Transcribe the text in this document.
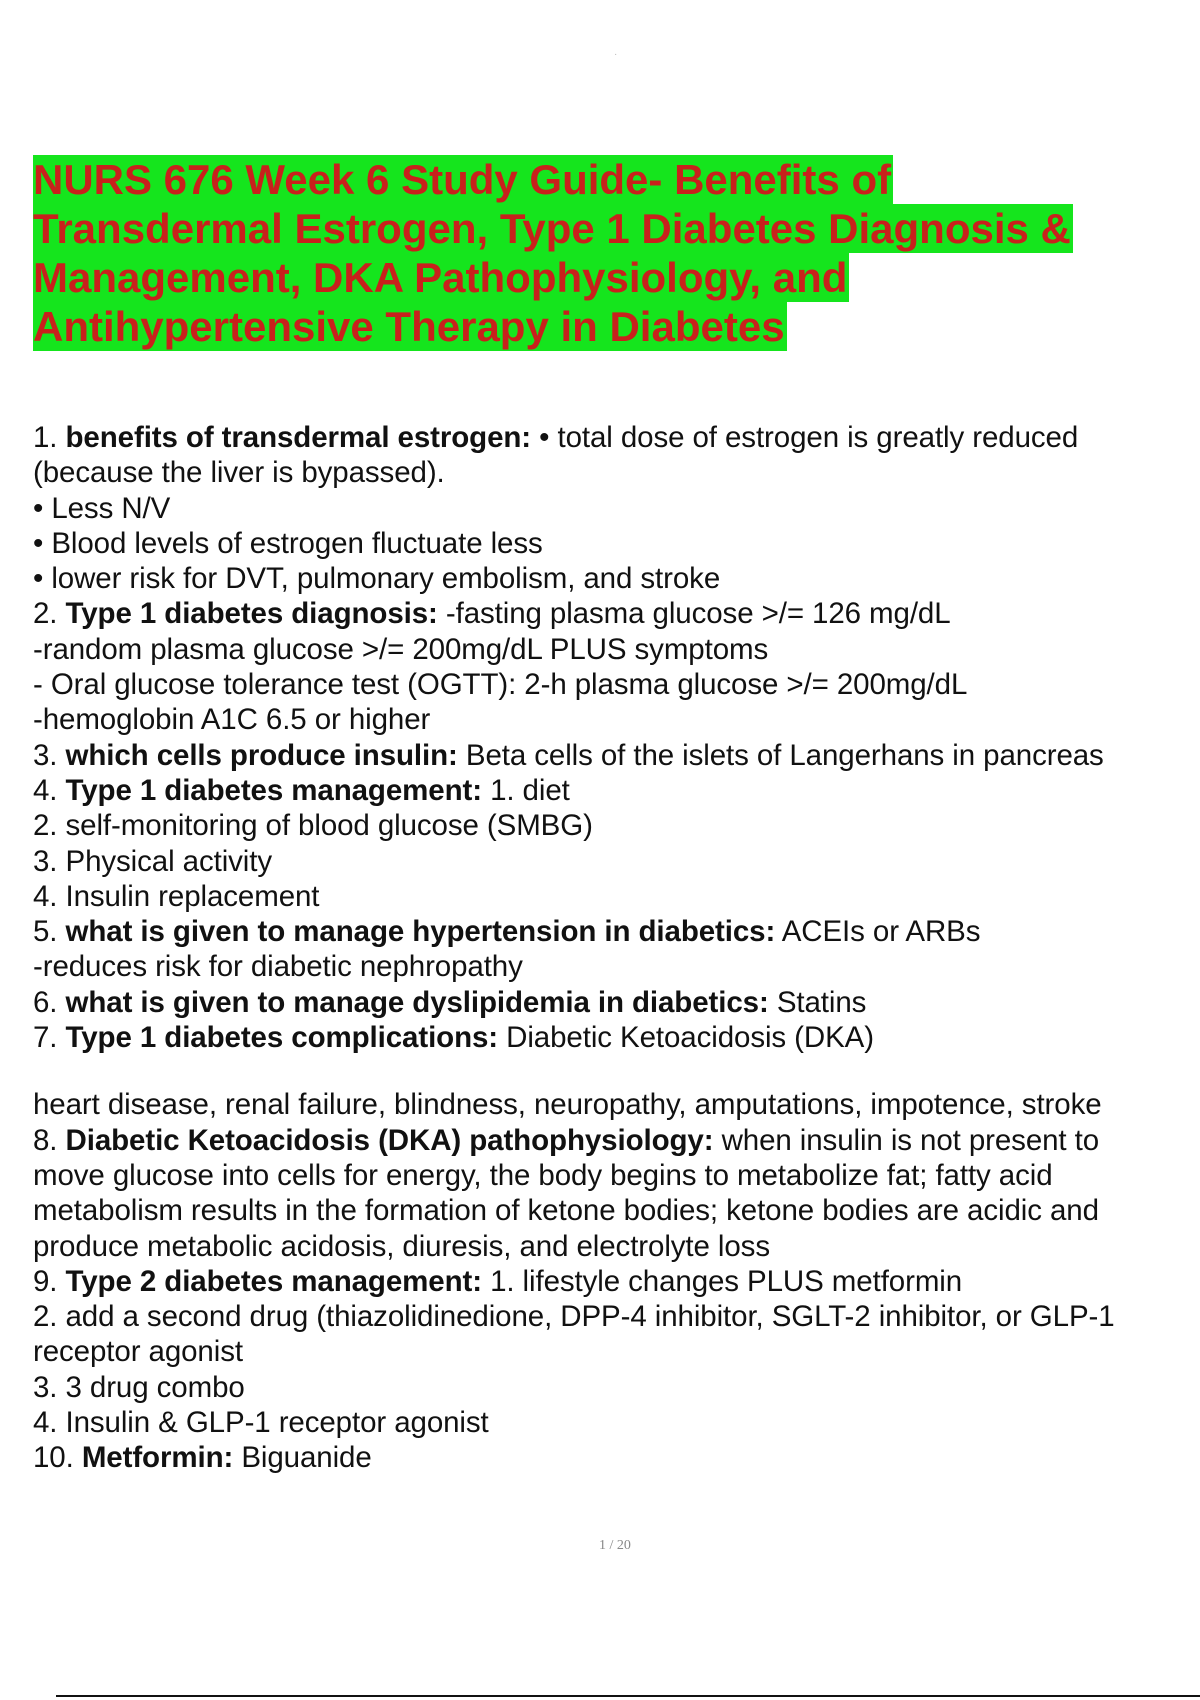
·
NURS 676 Week 6 Study Guide- Benefits of
Transdermal Estrogen, Type 1 Diabetes Diagnosis &
Management, DKA Pathophysiology, and
Antihypertensive Therapy in Diabetes
1. benefits of transdermal estrogen: • total dose of estrogen is greatly reduced
(because the liver is bypassed).
• Less N/V
• Blood levels of estrogen fluctuate less
• lower risk for DVT, pulmonary embolism, and stroke
2. Type 1 diabetes diagnosis: -fasting plasma glucose >/= 126 mg/dL
-random plasma glucose >/= 200mg/dL PLUS symptoms
- Oral glucose tolerance test (OGTT): 2-h plasma glucose >/= 200mg/dL
-hemoglobin A1C 6.5 or higher
3. which cells produce insulin: Beta cells of the islets of Langerhans in pancreas
4. Type 1 diabetes management: 1. diet
2. self-monitoring of blood glucose (SMBG)
3. Physical activity
4. Insulin replacement
5. what is given to manage hypertension in diabetics: ACEIs or ARBs
-reduces risk for diabetic nephropathy
6. what is given to manage dyslipidemia in diabetics: Statins
7. Type 1 diabetes complications: Diabetic Ketoacidosis (DKA)
heart disease, renal failure, blindness, neuropathy, amputations, impotence, stroke
8. Diabetic Ketoacidosis (DKA) pathophysiology: when insulin is not present to
move glucose into cells for energy, the body begins to metabolize fat; fatty acid
metabolism results in the formation of ketone bodies; ketone bodies are acidic and
produce metabolic acidosis, diuresis, and electrolyte loss
9. Type 2 diabetes management: 1. lifestyle changes PLUS metformin
2. add a second drug (thiazolidinedione, DPP-4 inhibitor, SGLT-2 inhibitor, or GLP-1
receptor agonist
3. 3 drug combo
4. Insulin & GLP-1 receptor agonist
10. Metformin: Biguanide
1 / 20
